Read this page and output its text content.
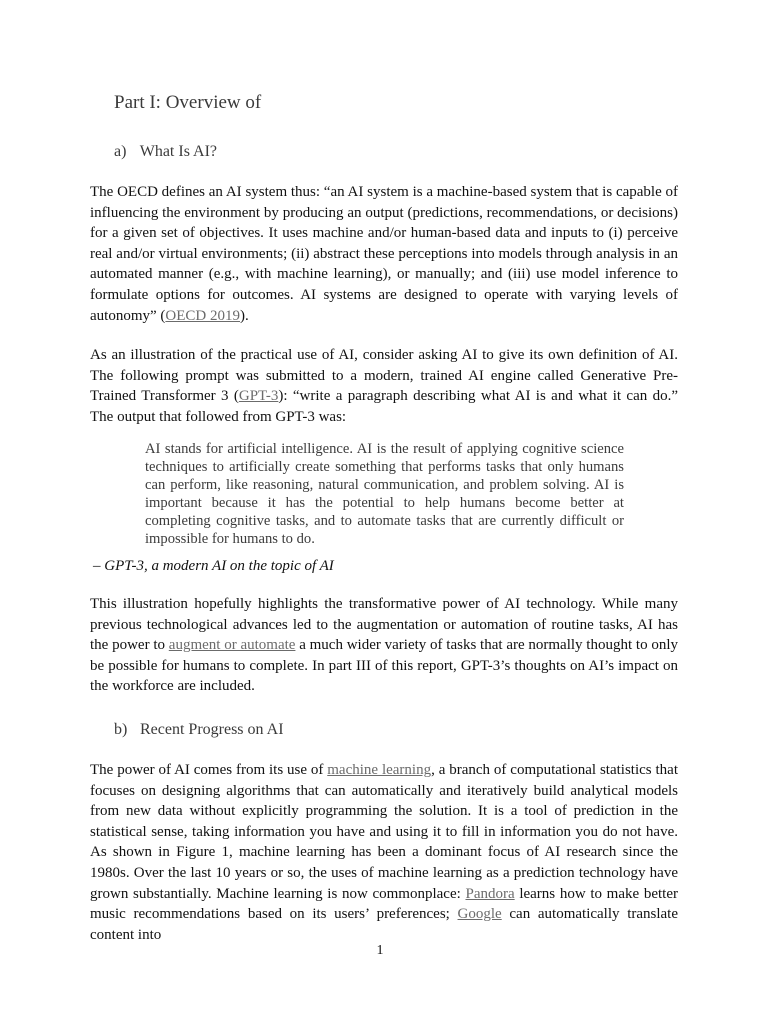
Part I: Overview of
a) What Is AI?

The OECD defines an AI system thus: “an AI system is a machine-based system that is capable of influencing the environment by producing an output (predictions, recommendations, or decisions) for a given set of objectives. It uses machine and/or human-based data and inputs to (i) perceive real and/or virtual environments; (ii) abstract these perceptions into models through analysis in an automated manner (e.g., with machine learning), or manually; and (iii) use model inference to formulate options for outcomes. AI systems are designed to operate with varying levels of autonomy” (OECD 2019).

As an illustration of the practical use of AI, consider asking AI to give its own definition of AI. The following prompt was submitted to a modern, trained AI engine called Generative Pre-Trained Transformer 3 (GPT-3): “write a paragraph describing what AI is and what it can do.” The output that followed from GPT-3 was:

AI stands for artificial intelligence. AI is the result of applying cognitive science techniques to artificially create something that performs tasks that only humans can perform, like reasoning, natural communication, and problem solving. AI is important because it has the potential to help humans become better at completing cognitive tasks, and to automate tasks that are currently difficult or impossible for humans to do.

– GPT-3, a modern AI on the topic of AI

This illustration hopefully highlights the transformative power of AI technology. While many previous technological advances led to the augmentation or automation of routine tasks, AI has the power to augment or automate a much wider variety of tasks that are normally thought to only be possible for humans to complete. In part III of this report, GPT-3’s thoughts on AI’s impact on the workforce are included.

b) Recent Progress on AI

The power of AI comes from its use of machine learning, a branch of computational statistics that focuses on designing algorithms that can automatically and iteratively build analytical models from new data without explicitly programming the solution. It is a tool of prediction in the statistical sense, taking information you have and using it to fill in information you do not have. As shown in Figure 1, machine learning has been a dominant focus of AI research since the 1980s. Over the last 10 years or so, the uses of machine learning as a prediction technology have grown substantially. Machine learning is now commonplace: Pandora learns how to make better music recommendations based on its users’ preferences; Google can automatically translate content into

1
